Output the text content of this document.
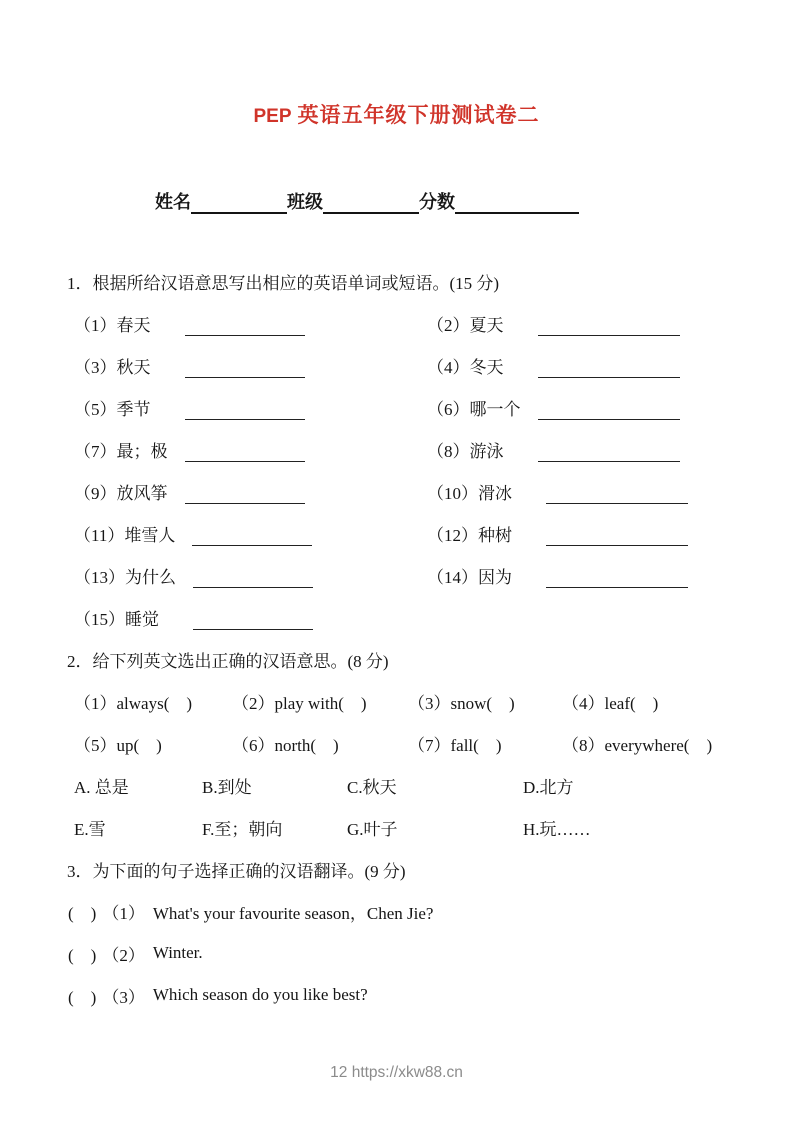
PEP 英语五年级下册测试卷二
姓名	班级	分数
1．根据所给汉语意思写出相应的英语单词或短语。(15 分)
（1） 春天	（2） 夏天
（3） 秋天	（4） 冬天
（5） 季节	（6） 哪一个
（7） 最；极	（8） 游泳
（9） 放风筝	（10） 滑冰
（11） 堆雪人	（12） 种树
（13） 为什么	（14） 因为
（15） 睡觉
2．给下列英文选出正确的汉语意思。(8 分)
（1）always(　)	（2）play with(　)	（3）snow(　)	（4）leaf(　)
（5）up(　)	（6）north(　)	（7）fall(　)	（8）everywhere(　)
A. 总是	B.到处	C.秋天	D.北方
E.雪	F.至；朝向	G.叶子	H.玩……
3．为下面的句子选择正确的汉语翻译。(9 分)
(　) （1） What's your favourite season，Chen Jie?
(　) （2） Winter.
(　) （3） Which season do you like best?
12 https://xkw88.cn
